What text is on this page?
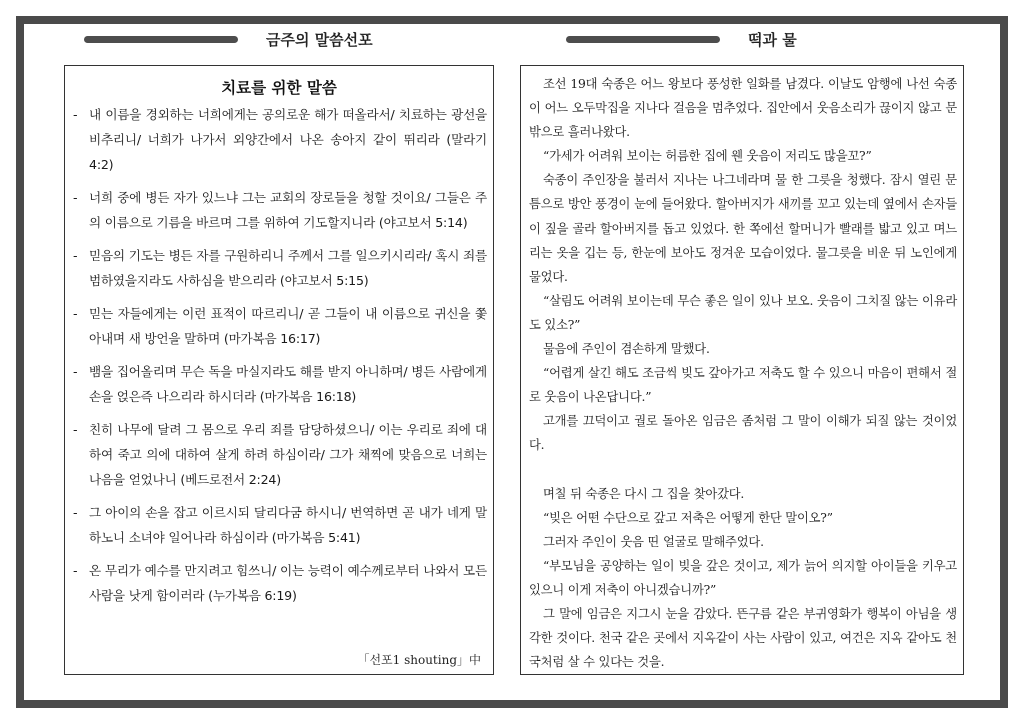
금주의 말씀선포	떡과 물
치료를 위한 말씀
- 내 이름을 경외하는 너희에게는 공의로운 해가 떠올라서/ 치료하는 광선을 비추리니/ 너희가 나가서 외양간에서 나온 송아지 같이 뛰리라 (말라기 4:2)
- 너희 중에 병든 자가 있느냐 그는 교회의 장로들을 청할 것이요/ 그들은 주의 이름으로 기름을 바르며 그를 위하여 기도할지니라 (야고보서 5:14)
- 믿음의 기도는 병든 자를 구원하리니 주께서 그를 일으키시리라/ 혹시 죄를 범하였을지라도 사하심을 받으리라 (야고보서 5:15)
- 믿는 자들에게는 이런 표적이 따르리니/ 곧 그들이 내 이름으로 귀신을 쫓아내며 새 방언을 말하며 (마가복음 16:17)
- 뱀을 집어올리며 무슨 독을 마실지라도 해를 받지 아니하며/ 병든 사람에게 손을 얹은즉 나으리라 하시더라 (마가복음 16:18)
- 친히 나무에 달려 그 몸으로 우리 죄를 담당하셨으니/ 이는 우리로 죄에 대하여 죽고 의에 대하여 살게 하려 하심이라/ 그가 채찍에 맞음으로 너희는 나음을 얻었나니 (베드로전서 2:24)
- 그 아이의 손을 잡고 이르시되 달리다굼 하시니/ 번역하면 곧 내가 네게 말하노니 소녀야 일어나라 하심이라 (마가복음 5:41)
- 온 무리가 예수를 만지려고 힘쓰니/ 이는 능력이 예수께로부터 나와서 모든 사람을 낫게 함이러라 (누가복음 6:19)
「선포1 shouting」中

조선 19대 숙종은 어느 왕보다 풍성한 일화를 남겼다. 이날도 암행에 나선 숙종이 어느 오두막집을 지나다 걸음을 멈추었다. 집안에서 웃음소리가 끊이지 않고 문밖으로 흘러나왔다.

“가세가 어려워 보이는 허름한 집에 웬 웃음이 저리도 많을꼬?”

숙종이 주인장을 불러서 지나는 나그네라며 물 한 그릇을 청했다. 잠시 열린 문틈으로 방안 풍경이 눈에 들어왔다. 할아버지가 새끼를 꼬고 있는데 옆에서 손자들이 짚을 골라 할아버지를 돕고 있었다. 한 쪽에선 할머니가 빨래를 밟고 있고 며느리는 옷을 깁는 등, 한눈에 보아도 정겨운 모습이었다. 물그릇을 비운 뒤 노인에게 물었다.

“살림도 어려워 보이는데 무슨 좋은 일이 있나 보오. 웃음이 그치질 않는 이유라도 있소?”

물음에 주인이 겸손하게 말했다.

“어렵게 살긴 해도 조금씩 빚도 갚아가고 저축도 할 수 있으니 마음이 편해서 절로 웃음이 나온답니다.”

고개를 끄덕이고 궐로 돌아온 임금은 좀처럼 그 말이 이해가 되질 않는 것이었다.

며칠 뒤 숙종은 다시 그 집을 찾아갔다.

“빚은 어떤 수단으로 갚고 저축은 어떻게 한단 말이오?”

그러자 주인이 웃음 띤 얼굴로 말해주었다.

“부모님을 공양하는 일이 빚을 갚은 것이고, 제가 늙어 의지할 아이들을 키우고 있으니 이게 저축이 아니겠습니까?”

그 말에 임금은 지그시 눈을 감았다. 뜬구름 같은 부귀영화가 행복이 아님을 생각한 것이다. 천국 같은 곳에서 지옥같이 사는 사람이 있고, 여건은 지옥 같아도 천국처럼 살 수 있다는 것을.
